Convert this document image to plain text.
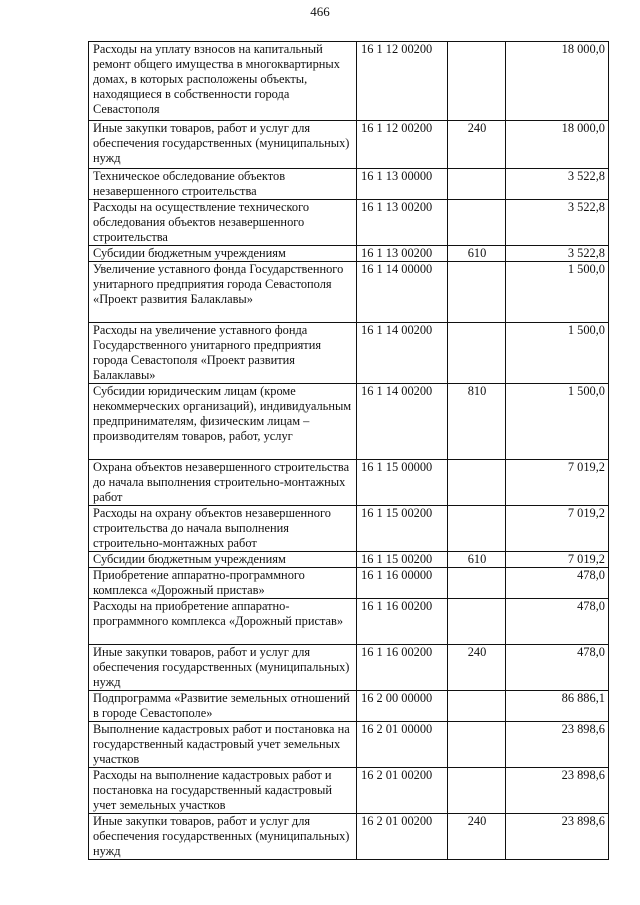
466
Расходы на уплату взносов на капитальный ремонт общего имущества в многоквартирных домах, в которых расположены объекты, находящиеся в собственности города Севастополя	16 1 12 00200		18 000,0
Иные закупки товаров, работ и услуг для обеспечения государственных (муниципальных) нужд	16 1 12 00200	240	18 000,0
Техническое обследование объектов незавершенного строительства	16 1 13 00000		3 522,8
Расходы на осуществление технического обследования объектов незавершенного строительства	16 1 13 00200		3 522,8
Субсидии бюджетным учреждениям	16 1 13 00200	610	3 522,8
Увеличение уставного фонда Государственного унитарного предприятия города Севастополя «Проект развития Балаклавы»	16 1 14 00000		1 500,0
Расходы на увеличение уставного фонда Государственного унитарного предприятия города Севастополя «Проект развития Балаклавы»	16 1 14 00200		1 500,0
Субсидии юридическим лицам (кроме некоммерческих организаций), индивидуальным предпринимателям, физическим лицам – производителям товаров, работ, услуг	16 1 14 00200	810	1 500,0
Охрана объектов незавершенного строительства до начала выполнения строительно-монтажных работ	16 1 15 00000		7 019,2
Расходы на охрану объектов незавершенного строительства до начала выполнения строительно-монтажных работ	16 1 15 00200		7 019,2
Субсидии бюджетным учреждениям	16 1 15 00200	610	7 019,2
Приобретение аппаратно-программного комплекса «Дорожный пристав»	16 1 16 00000		478,0
Расходы на приобретение аппаратно-программного комплекса «Дорожный пристав»	16 1 16 00200		478,0
Иные закупки товаров, работ и услуг для обеспечения государственных (муниципальных) нужд	16 1 16 00200	240	478,0
Подпрограмма «Развитие земельных отношений в городе Севастополе»	16 2 00 00000		86 886,1
Выполнение кадастровых работ и постановка на государственный кадастровый учет земельных участков	16 2 01 00000		23 898,6
Расходы на выполнение кадастровых работ и постановка на государственный кадастровый учет земельных участков	16 2 01 00200		23 898,6
Иные закупки товаров, работ и услуг для обеспечения государственных (муниципальных) нужд	16 2 01 00200	240	23 898,6
